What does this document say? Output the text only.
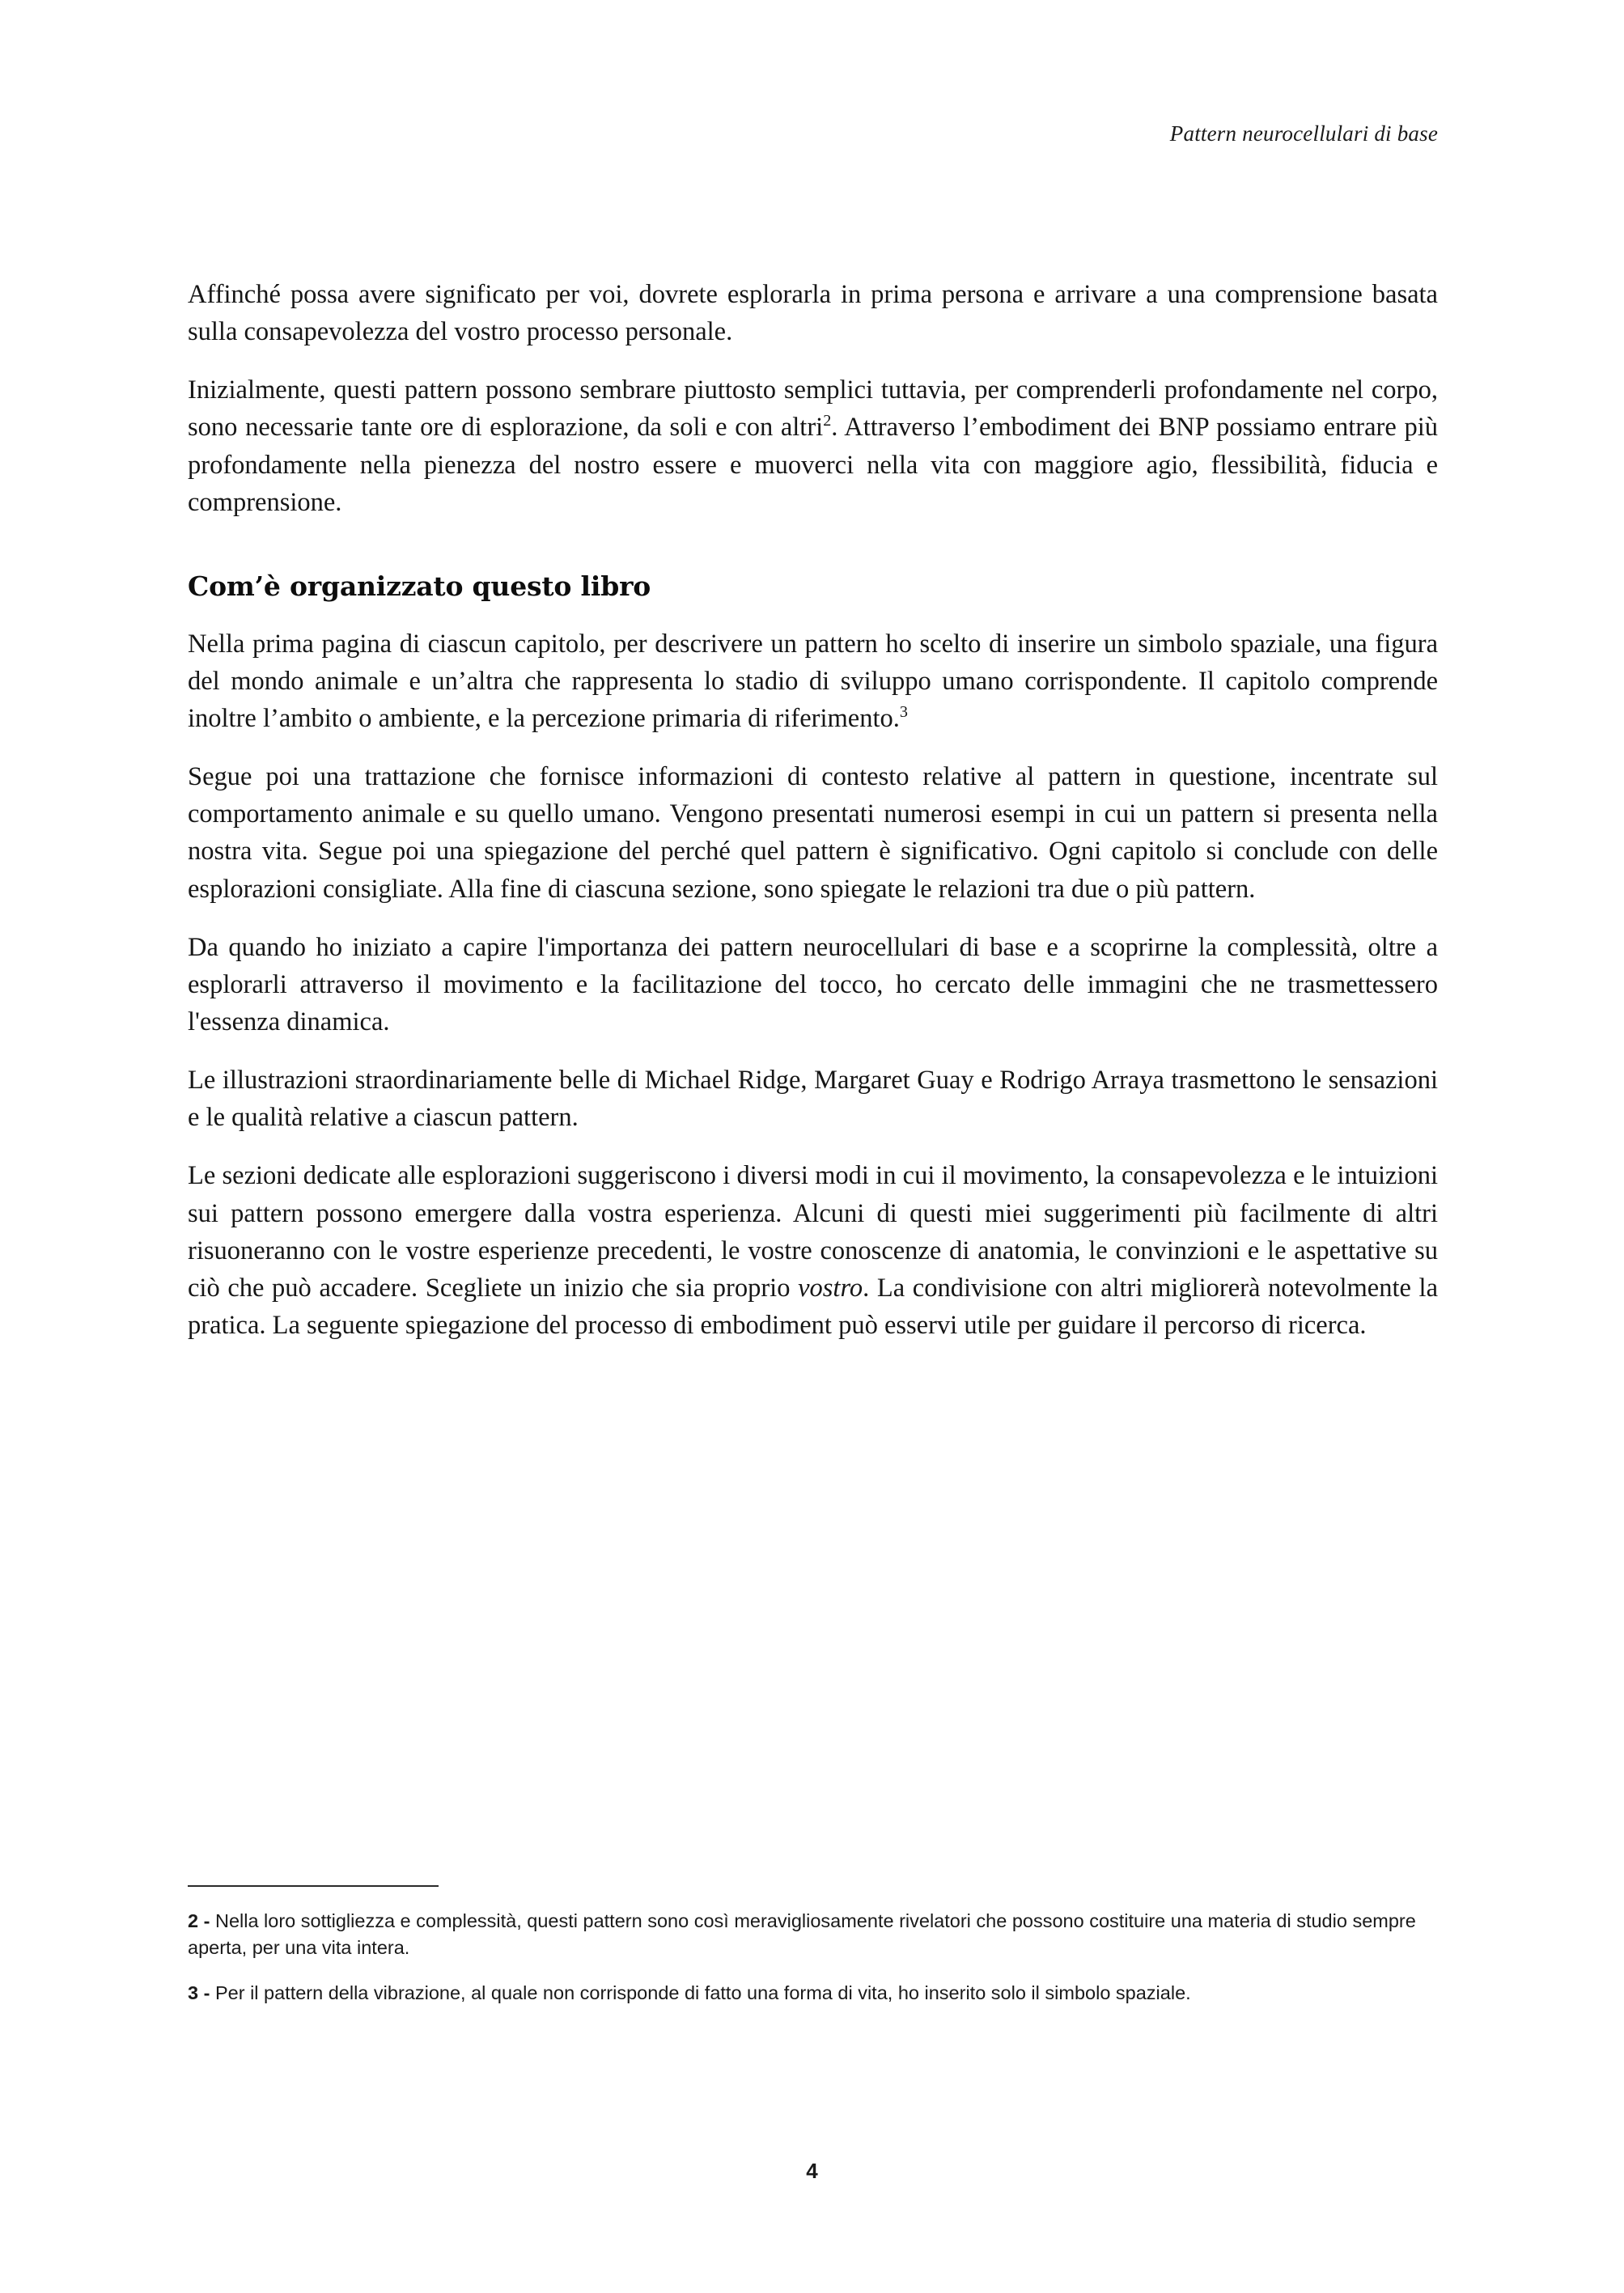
Pattern neurocellulari di base

Affinché possa avere significato per voi, dovrete esplorarla in prima persona e arrivare a una comprensione basata sulla consapevolezza del vostro processo personale.

Inizialmente, questi pattern possono sembrare piuttosto semplici tuttavia, per comprenderli profondamente nel corpo, sono necessarie tante ore di esplorazione, da soli e con altri$^2$. Attraverso l’embodiment dei BNP possiamo entrare più profondamente nella pienezza del nostro essere e muoverci nella vita con maggiore agio, flessibilità, fiducia e comprensione.

Com’è organizzato questo libro

Nella prima pagina di ciascun capitolo, per descrivere un pattern ho scelto di inserire un simbolo spaziale, una figura del mondo animale e un’altra che rappresenta lo stadio di sviluppo umano corrispondente. Il capitolo comprende inoltre l’ambito o ambiente, e la percezione primaria di riferimento.$^3$

Segue poi una trattazione che fornisce informazioni di contesto relative al pattern in questione, incentrate sul comportamento animale e su quello umano. Vengono presentati numerosi esempi in cui un pattern si presenta nella nostra vita. Segue poi una spiegazione del perché quel pattern è significativo. Ogni capitolo si conclude con delle esplorazioni consigliate. Alla fine di ciascuna sezione, sono spiegate le relazioni tra due o più pattern.

Da quando ho iniziato a capire l'importanza dei pattern neurocellulari di base e a scoprirne la complessità, oltre a esplorarli attraverso il movimento e la facilitazione del tocco, ho cercato delle immagini che ne trasmettessero l'essenza dinamica.

Le illustrazioni straordinariamente belle di Michael Ridge, Margaret Guay e Rodrigo Arraya trasmettono le sensazioni e le qualità relative a ciascun pattern.

Le sezioni dedicate alle esplorazioni suggeriscono i diversi modi in cui il movimento, la consapevolezza e le intuizioni sui pattern possono emergere dalla vostra esperienza. Alcuni di questi miei suggerimenti più facilmente di altri risuoneranno con le vostre esperienze precedenti, le vostre conoscenze di anatomia, le convinzioni e le aspettative su ciò che può accadere. Scegliete un inizio che sia proprio vostro. La condivisione con altri migliorerà notevolmente la pratica. La seguente spiegazione del processo di embodiment può esservi utile per guidare il percorso di ricerca.

2 - Nella loro sottigliezza e complessità, questi pattern sono così meravigliosamente rivelatori che possono costituire una materia di studio sempre aperta, per una vita intera.

3 - Per il pattern della vibrazione, al quale non corrisponde di fatto una forma di vita, ho inserito solo il simbolo spaziale.

4
